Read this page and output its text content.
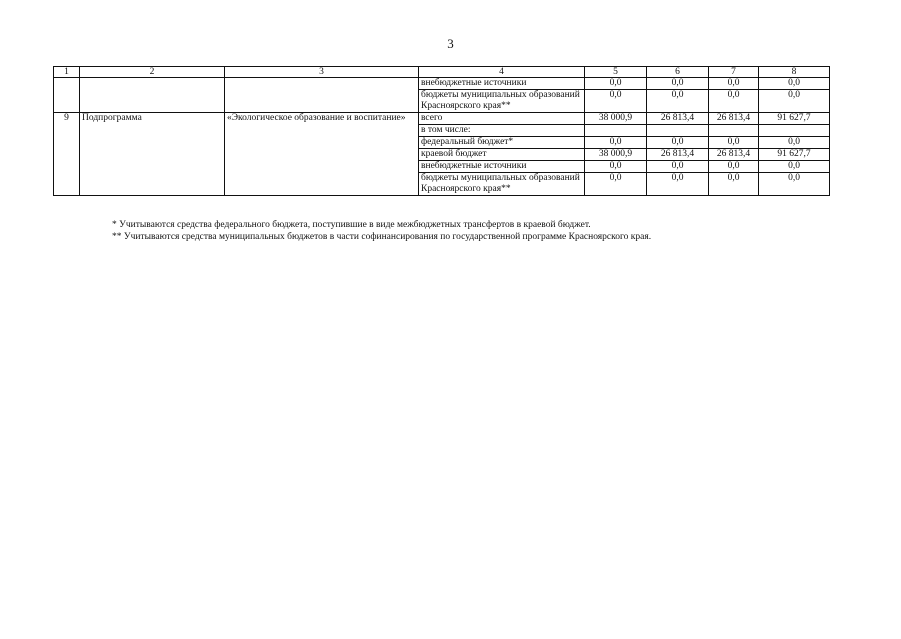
3
1	2	3	4	5	6	7	8
			внебюджетные источники	0,0	0,0	0,0	0,0
			бюджеты муниципальных образований Красноярского края**	0,0	0,0	0,0	0,0
9	Подпрограмма	«Экологическое образование и воспитание»	всего	38 000,9	26 813,4	26 813,4	91 627,7
			в том числе:				
			федеральный бюджет*	0,0	0,0	0,0	0,0
			краевой бюджет	38 000,9	26 813,4	26 813,4	91 627,7
			внебюджетные источники	0,0	0,0	0,0	0,0
			бюджеты муниципальных образований Красноярского края**	0,0	0,0	0,0	0,0
* Учитываются средства федерального бюджета, поступившие в виде межбюджетных трансфертов в краевой бюджет.
** Учитываются средства муниципальных бюджетов в части софинансирования по государственной программе Красноярского края.
